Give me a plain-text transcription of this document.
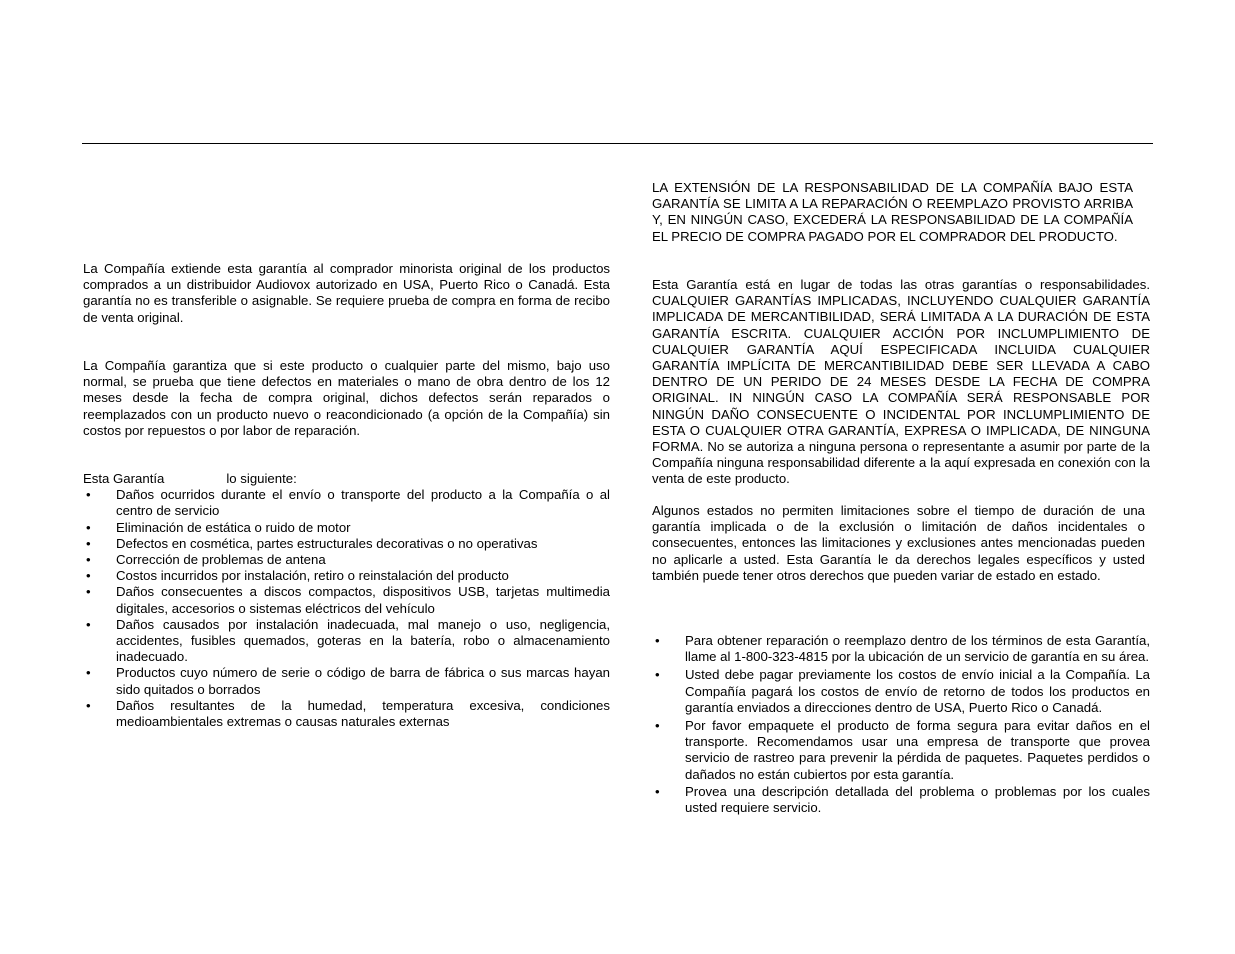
La Compañía extiende esta garantía al comprador minorista original de los productos comprados a un distribuidor Audiovox autorizado en USA, Puerto Rico o Canadá. Esta garantía no es transferible o asignable. Se requiere prueba de compra en forma de recibo de venta original.

La Compañía garantiza que si este producto o cualquier parte del mismo, bajo uso normal, se prueba que tiene defectos en materiales o mano de obra dentro de los 12 meses desde la fecha de compra original, dichos defectos serán reparados o reemplazados con un producto nuevo o reacondicionado (a opción de la Compañía) sin costos por repuestos o por labor de reparación.

Esta Garantía	lo siguiente:

• Daños ocurridos durante el envío o transporte del producto a la Compañía o al centro de servicio
• Eliminación de estática o ruido de motor
• Defectos en cosmética, partes estructurales decorativas o no operativas
• Corrección de problemas de antena
• Costos incurridos por instalación, retiro o reinstalación del producto
• Daños consecuentes a discos compactos, dispositivos USB, tarjetas multimedia digitales, accesorios o sistemas eléctricos del vehículo
• Daños causados por instalación inadecuada, mal manejo o uso, negligencia, accidentes, fusibles quemados, goteras en la batería, robo o almacenamiento inadecuado.
• Productos cuyo número de serie o código de barra de fábrica o sus marcas hayan sido quitados o borrados
• Daños resultantes de la humedad, temperatura excesiva, condiciones medioambientales extremas o causas naturales externas

LA EXTENSIÓN DE LA RESPONSABILIDAD DE LA COMPAÑÍA BAJO ESTA GARANTÍA SE LIMITA A LA REPARACIÓN O REEMPLAZO PROVISTO ARRIBA Y, EN NINGÚN CASO, EXCEDERÁ LA RESPONSABILIDAD DE LA COMPAÑÍA EL PRECIO DE COMPRA PAGADO POR EL COMPRADOR DEL PRODUCTO.

Esta Garantía está en lugar de todas las otras garantías o responsabilidades. CUALQUIER GARANTÍAS IMPLICADAS, INCLUYENDO CUALQUIER GARANTÍA IMPLICADA DE MERCANTIBILIDAD, SERÁ LIMITADA A LA DURACIÓN DE ESTA GARANTÍA ESCRITA. CUALQUIER ACCIÓN POR INCLUMPLIMIENTO DE CUALQUIER GARANTÍA AQUÍ ESPECIFICADA INCLUIDA CUALQUIER GARANTÍA IMPLÍCITA DE MERCANTIBILIDAD DEBE SER LLEVADA A CABO DENTRO DE UN PERIDO DE 24 MESES DESDE LA FECHA DE COMPRA ORIGINAL. IN NINGÚN CASO LA COMPAÑÍA SERÁ RESPONSABLE POR NINGÚN DAÑO CONSECUENTE O INCIDENTAL POR INCLUMPLIMIENTO DE ESTA O CUALQUIER OTRA GARANTÍA, EXPRESA O IMPLICADA, DE NINGUNA FORMA. No se autoriza a ninguna persona o representante a asumir por parte de la Compañía ninguna responsabilidad diferente a la aquí expresada en conexión con la venta de este producto.

Algunos estados no permiten limitaciones sobre el tiempo de duración de una garantía implicada o de la exclusión o limitación de daños incidentales o consecuentes, entonces las limitaciones y exclusiones antes mencionadas pueden no aplicarle a usted. Esta Garantía le da derechos legales específicos y usted también puede tener otros derechos que pueden variar de estado en estado.

• Para obtener reparación o reemplazo dentro de los términos de esta Garantía, llame al 1-800-323-4815 por la ubicación de un servicio de garantía en su área.
• Usted debe pagar previamente los costos de envío inicial a la Compañía. La Compañía pagará los costos de envío de retorno de todos los productos en garantía enviados a direcciones dentro de USA, Puerto Rico o Canadá.
• Por favor empaquete el producto de forma segura para evitar daños en el transporte. Recomendamos usar una empresa de transporte que provea servicio de rastreo para prevenir la pérdida de paquetes. Paquetes perdidos o dañados no están cubiertos por esta garantía.
• Provea una descripción detallada del problema o problemas por los cuales usted requiere servicio.
